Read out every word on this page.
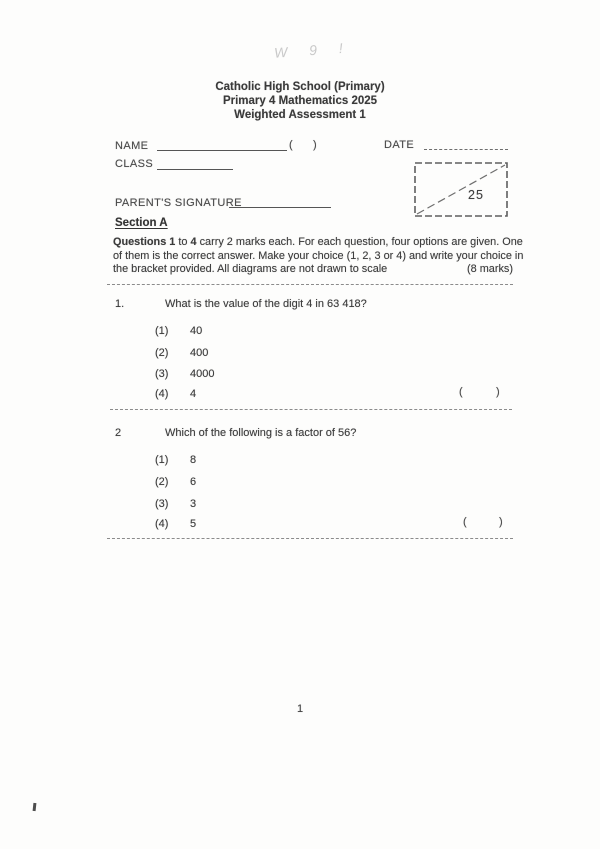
W 9 !
Catholic High School (Primary)
Primary 4 Mathematics 2025
Weighted Assessment 1
NAME	( )	DATE
CLASS
25
PARENT'S SIGNATURE
Section A
Questions 1 to 4 carry 2 marks each. For each question, four options are given. One
of them is the correct answer. Make your choice (1, 2, 3 or 4) and write your choice in
the bracket provided. All diagrams are not drawn to scale	(8 marks)
1.	What is the value of the digit 4 in 63 418?
(1) 40
(2) 400
(3) 4000
(4) 4	(	)
2	Which of the following is a factor of 56?
(1) 8
(2) 6
(3) 3
(4) 5	(	)
1
